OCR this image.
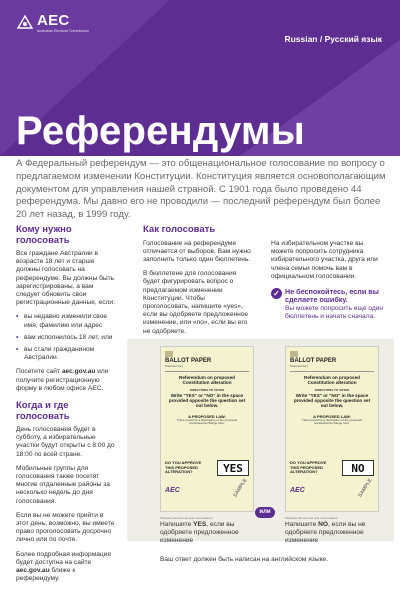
AEC
Australian Electoral Commission
Russian / Русский язык
Референдумы
А Федеральный референдум — это общенациональное голосование по вопросу о предлагаемом изменении Конституции. Конституция является основополагающим документом для управления нашей страной. С 1901 года было проведено 44 референдума. Мы давно его не проводили — последний референдум был более 20 лет назад, в 1999 году.
Кому нужно голосовать

Все граждане Австралии в возрасте 18 лет и старше должны голосовать на референдуме. Вы должны быть зарегистрированы, а вам следует обновить свои регистрационные данные, если:

• вы недавно изменили свое имя, фамилию или адрес
• вам исполнилось 18 лет, или
• вы стали гражданином Австралии.

Посетите сайт aec.gov.au или получите регистрационную форму в любом офисе АЕС.

Когда и где голосовать

День голосования будет в субботу, а избирательные участки будут открыты с 8:00 до 18:00 по всей стране.

Мобильные группы для голосования также посетят многие отдаленные районы за несколько недель до дня голосования.

Если вы не можете прийти в этот день, возможно, вы имеете право проголосовать досрочно лично или по почте.

Более подробная информация будет доступна на сайте aec.gov.au ближе к референдуму.

Как голосовать

Голосование на референдуме отличается от выборов. Вам нужно заполнить только один бюллетень.

В бюллетене для голосования будет фигурировать вопрос о предлагаемом изменении Конституции. Чтобы проголосовать, напишите «yes», если вы одобряете предложенное изменение, или «no», если вы его не одобряете.

На избирательном участке вы можете попросить сотрудника избирательного участка, друга или члена семьи помочь вам в официальном голосовании.

✓ Не беспокойтесь, если вы сделаете ошибку.
Вы можете попросить еще один бюллетень и начать сначала.
BALLOT PAPER
State/territory
Referendum on proposed Constitution alteration
DIRECTIONS TO VOTER
Write "YES" or "NO" in the space provided opposite the question set out below.
A PROPOSED LAW:
There would be a description of the proposed constitutional change here.
DO YOU APPROVE THIS PROPOSED ALTERATION?	YES
AEC	SAMPLE
BALLOT PAPER
State/territory
Referendum on proposed Constitution alteration
DIRECTIONS TO VOTER
Write "YES" or "NO" in the space provided opposite the question set out below.
A PROPOSED LAW:
There would be a description of the proposed constitutional change here.
DO YOU APPROVE THIS PROPOSED ALTERATION?	NO
AEC	SAMPLE
Образец бюллетеня для голосования	Образец бюллетеня для голосования
Напишите YES, если вы одобряете предложенное изменение
или
Напишите NO, если вы не одобряете предложенное изменение
Ваш ответ должен быть написан на английском языке.
